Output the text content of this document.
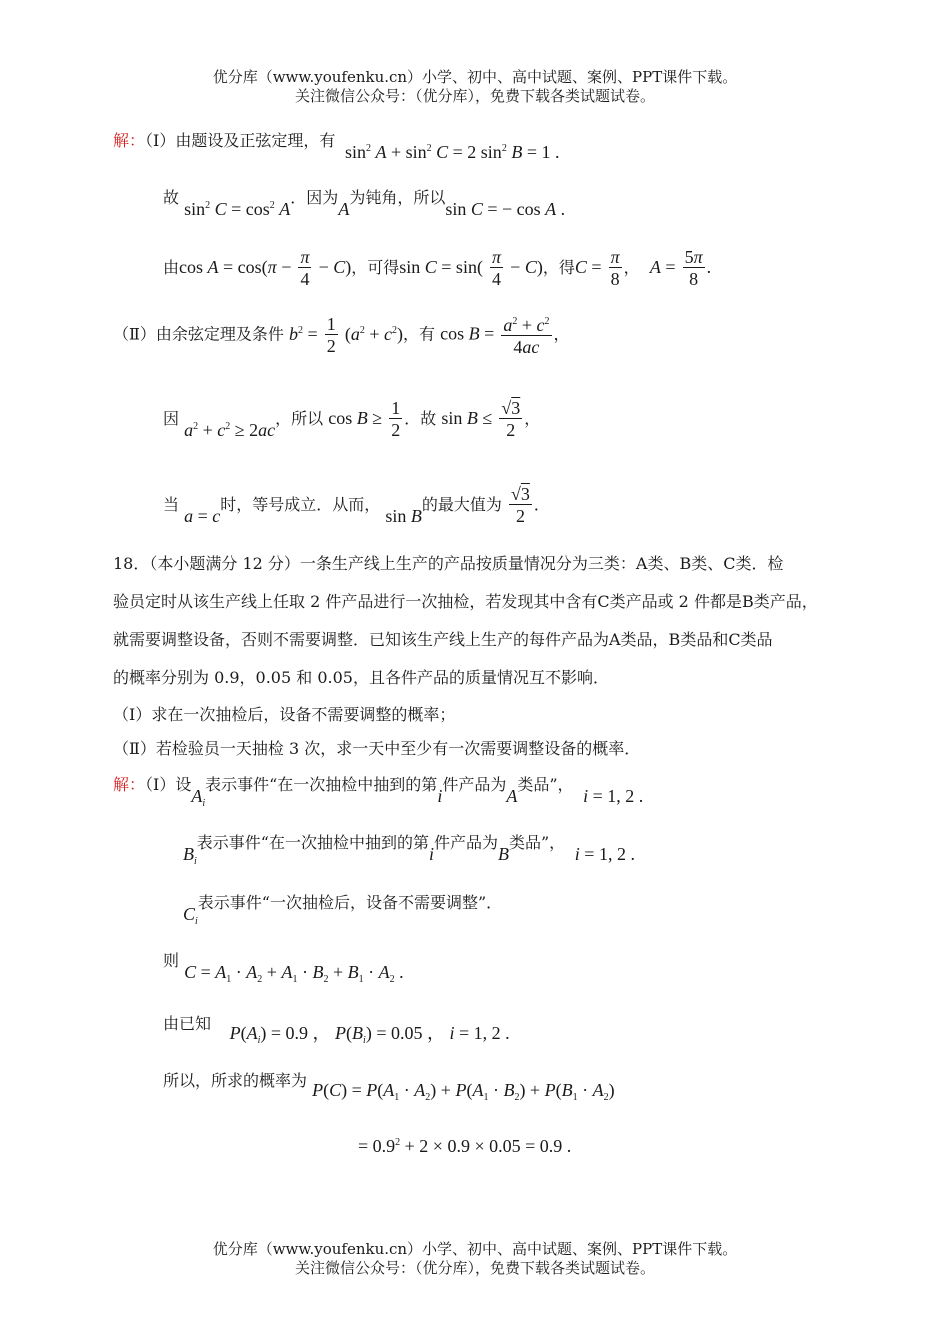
优分库（www.youfenku.cn）小学、初中、高中试题、案例、PPT课件下载。
关注微信公众号：（优分库），免费下载各类试题试卷。
解：（Ⅰ）由题设及正弦定理，有  $\sin^2 A + \sin^2 C = 2$ $\sin^2 B = 1$ .
故 $\sin^2 C = \cos^2 A$．因为A为钝角，所以sin C = − cos A .
由$\cos A = \cos(\pi - \frac{\pi}{4} - C)$，可得$\sin C = \sin( \frac{\pi}{4} - C)$，得$C = \frac{\pi}{8}$ ， $A = \frac{5\pi}{8}$ .
（Ⅱ）由余弦定理及条件 $b^2 = \frac{1}{2} (a^2 + c^2)$，有 $\cos B = \frac{a^2 + c^2}{4ac}$ ，
因 $a^2 + c^2 \ge 2ac$，所以 $\cos B \ge \frac{1}{2}$ ．故 $\sin B \le \frac{√3}{2}$ ，
当 a = c时，等号成立．从而， sin B的最大值为 $\frac{√3}{2}$ ．
18．（本小题满分 12 分）一条生产线上生产的产品按质量情况分为三类：A类、B类、C类．检
验员定时从该生产线上任取 2 件产品进行一次抽检，若发现其中含有C类产品或 2 件都是B类产品，
就需要调整设备，否则不需要调整．已知该生产线上生产的每件产品为A类品，B类品和C类品
的概率分别为 0.9，0.05 和 0.05，且各件产品的质量情况互不影响．
（Ⅰ）求在一次抽检后，设备不需要调整的概率；
（Ⅱ）若检验员一天抽检 3 次，求一天中至少有一次需要调整设备的概率．
解：（Ⅰ）设$A_i$表示事件“在一次抽检中抽到的第i件产品为A类品”，  i = 1, 2 .
$B_i$表示事件“在一次抽检中抽到的第i件产品为B类品”，  i = 1, 2 .
$C_i$表示事件“一次抽检后，设备不需要调整”．
则 $C = A_1 \cdot A_2 + A_1 \cdot B_2 + B_1 \cdot A_2$ .
由已知 $P(A_i) = 0.9$ ， $P(B_i) = 0.05$ ， i = 1, 2 .
所以，所求的概率为 $P(C) = P(A_1 \cdot A_2) + P(A_1 \cdot B_2) + P(B_1 \cdot A_2)$
= $0.9^2 + 2 \times 0.9 \times 0.05 = 0.9$ .
优分库（www.youfenku.cn）小学、初中、高中试题、案例、PPT课件下载。
关注微信公众号：（优分库），免费下载各类试题试卷。
